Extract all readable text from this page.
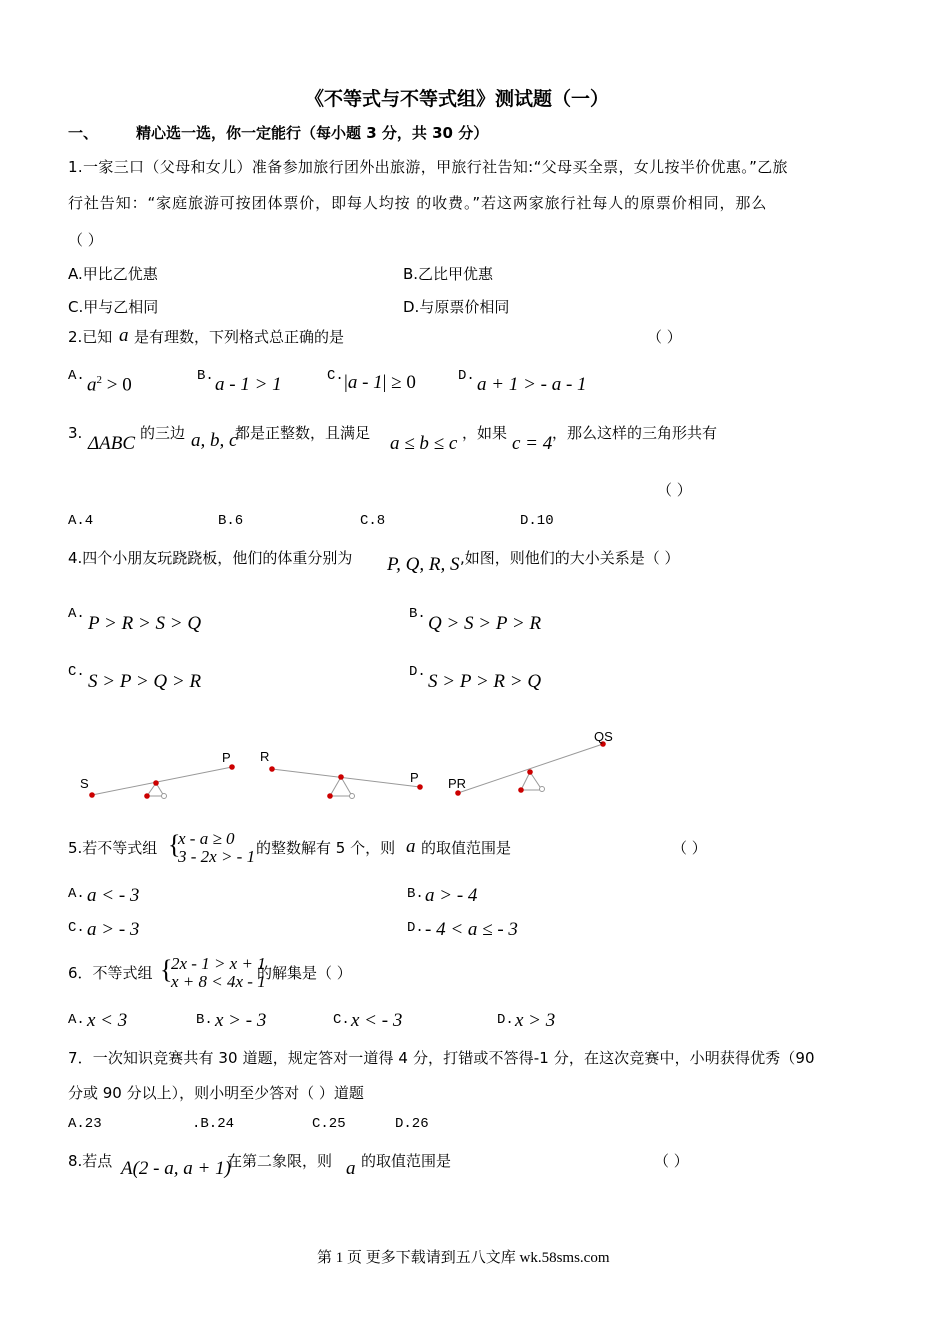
《不等式与不等式组》测试题（一）
一、	精心选一选，你一定能行（每小题 3 分，共 30 分）
1.一家三口（父母和女儿）准备参加旅行团外出旅游，甲旅行社告知:“父母买全票，女儿按半价优惠。”乙旅
行社告知：“家庭旅游可按团体票价，即每人均按 的收费。”若这两家旅行社每人的原票价相同，那么
（ ）
A.甲比乙优惠	B.乙比甲优惠
C.甲与乙相同	D.与原票价相同
2.已知 a 是有理数，下列格式总正确的是	（ ）
A. $a^2 > 0$	B. a - 1 > 1	C. |a - 1| ≥ 0	D. a + 1 > - a - 1
3. ΔABC 的三边 a, b, c
都是正整数，且满足 a ≤ b ≤ c ，如果 c = 4 ，那么这样的三角形共有
（ ）
A.4	B.6	C.8	D.10
4.四个小朋友玩跷跷板，他们的体重分别为 P, Q, R, S ,如图，则他们的大小关系是（ ）
A. P > R > S > Q	B. Q > S > P > R
C. S > P > Q > R	D. S > P > R > Q
S
P R
P PR
QS
5.若不等式组 {
x - a ≥ 0
3 - 2x > - 1 的整数解有 5 个，则 a 的取值范围是	（ ）
A. a < - 3	B. a > - 4
C. a > - 3	D. - 4 < a ≤ - 3
6．不等式组 {
2x - 1 > x + 1
x + 8 < 4x - 1
的解集是（ ）
A. x < 3	B. x > - 3	C. x < - 3	D. x > 3
7．一次知识竞赛共有 30 道题，规定答对一道得 4 分，打错或不答得-1 分，在这次竞赛中，小明获得优秀（90
分或 90 分以上），则小明至少答对（ ）道题
A.23	.B.24	C.25	D.26
8.若点 A(2 - a, a + 1)
在第二象限，则 a 的取值范围是	（ ）
第 1 页 更多下载请到五八文库 wk.58sms.com
